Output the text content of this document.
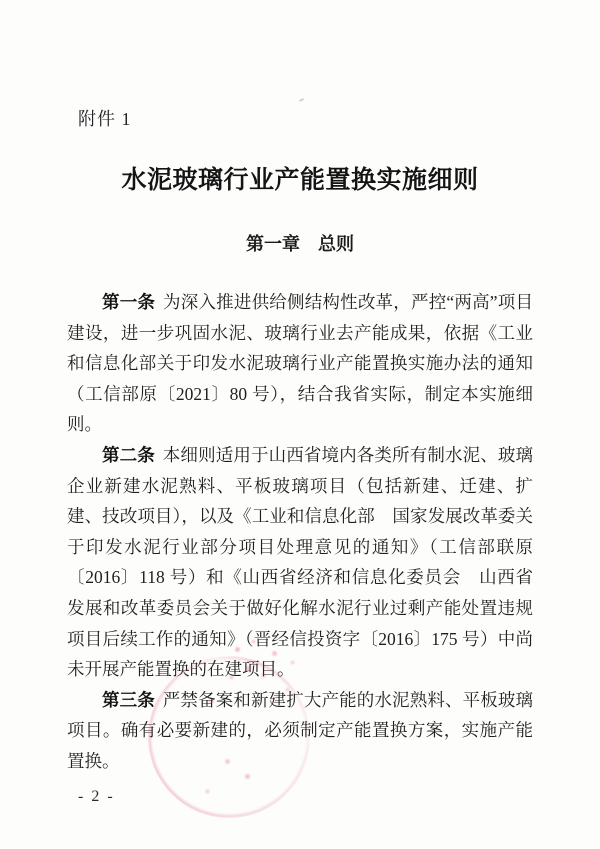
附件 1
水泥玻璃行业产能置换实施细则
第一章　总则

第一条 为深入推进供给侧结构性改革，严控“两高”项目建设，进一步巩固水泥、玻璃行业去产能成果，依据《工业和信息化部关于印发水泥玻璃行业产能置换实施办法的通知（工信部原〔2021〕80 号），结合我省实际，制定本实施细则。

第二条 本细则适用于山西省境内各类所有制水泥、玻璃企业新建水泥熟料、平板玻璃项目（包括新建、迁建、扩建、技改项目），以及《工业和信息化部　国家发展改革委关于印发水泥行业部分项目处理意见的通知》（工信部联原〔2016〕118 号）和《山西省经济和信息化委员会　山西省发展和改革委员会关于做好化解水泥行业过剩产能处置违规项目后续工作的通知》（晋经信投资字〔2016〕175 号）中尚未开展产能置换的在建项目。

第三条 严禁备案和新建扩大产能的水泥熟料、平板玻璃项目。确有必要新建的，必须制定产能置换方案，实施产能置换。

- 2 -
